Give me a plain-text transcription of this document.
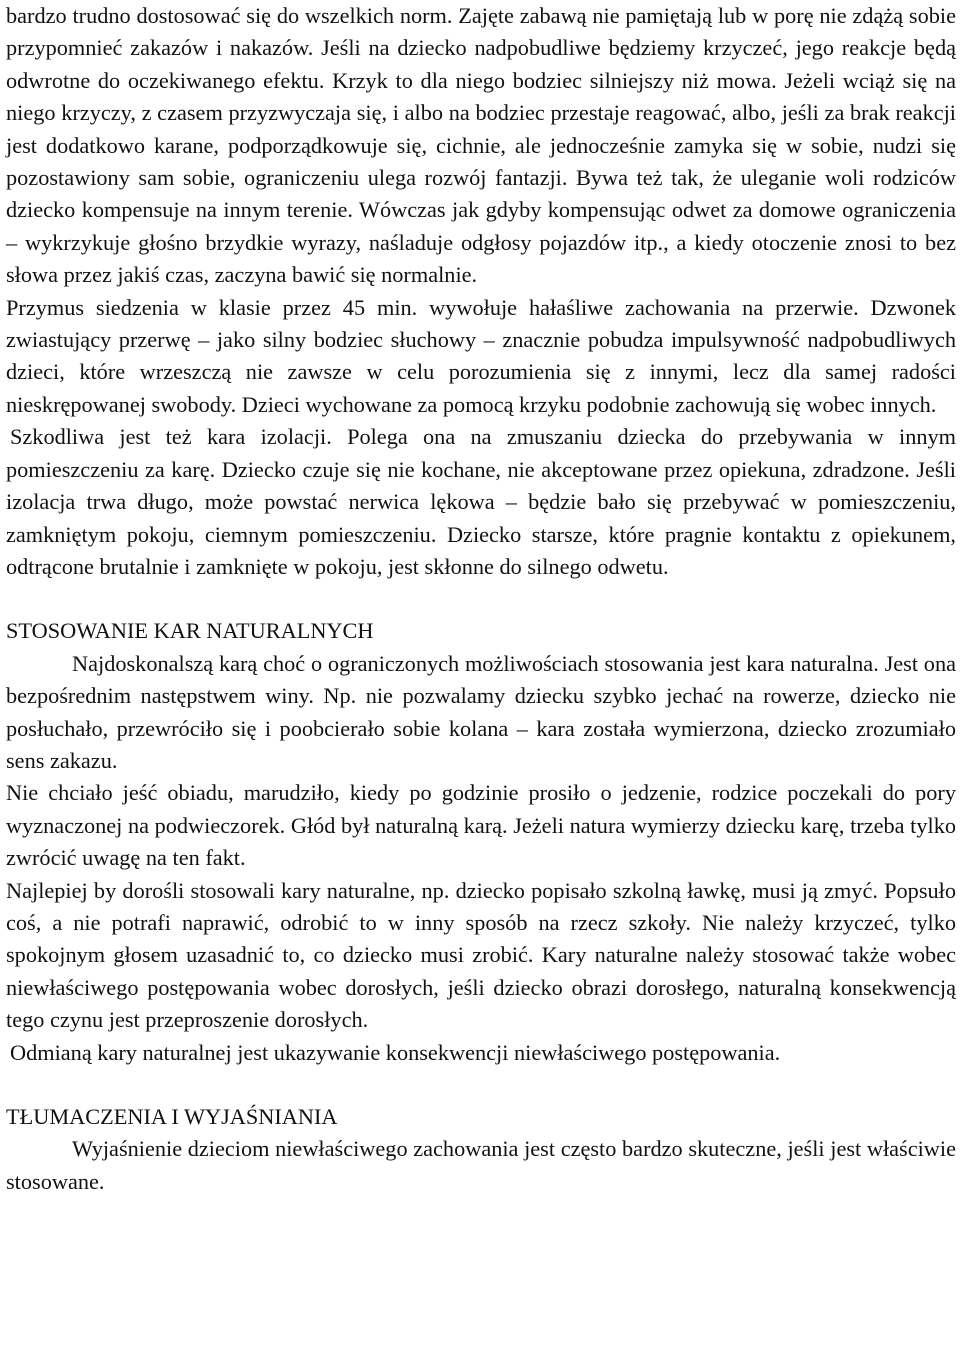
bardzo trudno dostosować się do wszelkich norm. Zajęte zabawą nie pamiętają lub w porę nie zdążą sobie przypomnieć zakazów i nakazów. Jeśli na dziecko nadpobudliwe będziemy krzyczeć, jego reakcje będą odwrotne do oczekiwanego efektu. Krzyk to dla niego bodziec silniejszy niż mowa. Jeżeli wciąż się na niego krzyczy, z czasem przyzwyczaja się, i albo na bodziec przestaje reagować, albo, jeśli za brak reakcji jest dodatkowo karane, podporządkowuje się, cichnie, ale jednocześnie zamyka się w sobie, nudzi się pozostawiony sam sobie, ograniczeniu ulega rozwój fantazji. Bywa też tak, że uleganie woli rodziców dziecko kompensuje na innym terenie. Wówczas jak gdyby kompensując odwet za domowe ograniczenia – wykrzykuje głośno brzydkie wyrazy, naśladuje odgłosy pojazdów itp., a kiedy otoczenie znosi to bez słowa przez jakiś czas, zaczyna bawić się normalnie.

Przymus siedzenia w klasie przez 45 min. wywołuje hałaśliwe zachowania na przerwie. Dzwonek zwiastujący przerwę – jako silny bodziec słuchowy – znacznie pobudza impulsywność nadpobudliwych dzieci, które wrzeszczą nie zawsze w celu porozumienia się z innymi, lecz dla samej radości nieskrępowanej swobody. Dzieci wychowane za pomocą krzyku podobnie zachowują się wobec innych.

Szkodliwa jest też kara izolacji. Polega ona na zmuszaniu dziecka do przebywania w innym pomieszczeniu za karę. Dziecko czuje się nie kochane, nie akceptowane przez opiekuna, zdradzone. Jeśli izolacja trwa długo, może powstać nerwica lękowa – będzie bało się przebywać w pomieszczeniu, zamkniętym pokoju, ciemnym pomieszczeniu. Dziecko starsze, które pragnie kontaktu z opiekunem, odtrącone brutalnie i zamknięte w pokoju, jest skłonne do silnego odwetu.

STOSOWANIE KAR NATURALNYCH

Najdoskonalszą karą choć o ograniczonych możliwościach stosowania jest kara naturalna. Jest ona bezpośrednim następstwem winy. Np. nie pozwalamy dziecku szybko jechać na rowerze, dziecko nie posłuchało, przewróciło się i poobcierało sobie kolana – kara została wymierzona, dziecko zrozumiało sens zakazu.

Nie chciało jeść obiadu, marudziło, kiedy po godzinie prosiło o jedzenie, rodzice poczekali do pory wyznaczonej na podwieczorek. Głód był naturalną karą. Jeżeli natura wymierzy dziecku karę, trzeba tylko zwrócić uwagę na ten fakt.

Najlepiej by dorośli stosowali kary naturalne, np. dziecko popisało szkolną ławkę, musi ją zmyć. Popsuło coś, a nie potrafi naprawić, odrobić to w inny sposób na rzecz szkoły. Nie należy krzyczeć, tylko spokojnym głosem uzasadnić to, co dziecko musi zrobić. Kary naturalne należy stosować także wobec niewłaściwego postępowania wobec dorosłych, jeśli dziecko obrazi dorosłego, naturalną konsekwencją tego czynu jest przeproszenie dorosłych.

Odmianą kary naturalnej jest ukazywanie konsekwencji niewłaściwego postępowania.

TŁUMACZENIA I WYJAŚNIANIA

Wyjaśnienie dzieciom niewłaściwego zachowania jest często bardzo skuteczne, jeśli jest właściwie stosowane.
